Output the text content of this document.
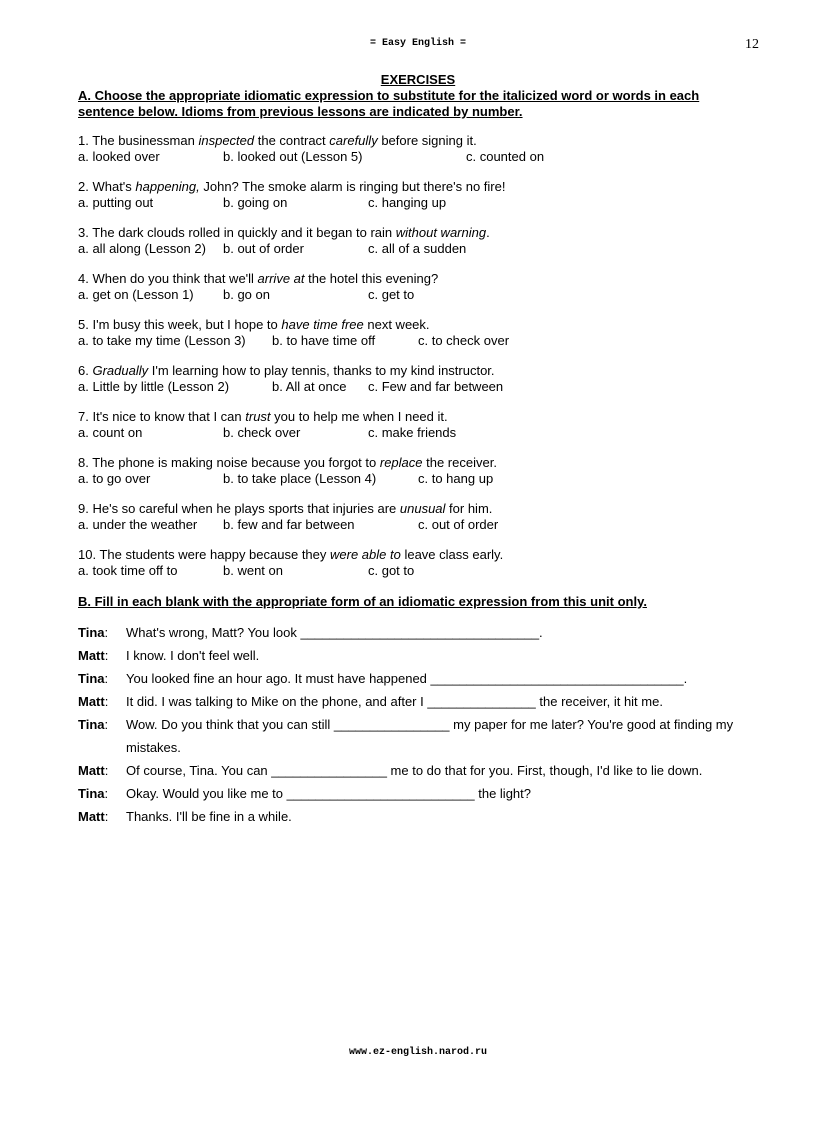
= Easy English =	12
EXERCISES
A. Choose the appropriate idiomatic expression to substitute for the italicized word or words in each sentence below. Idioms from previous lessons are indicated by number.
1. The businessman inspected the contract carefully before signing it.
a. looked over	b. looked out (Lesson 5)	c. counted on
2. What's happening, John? The smoke alarm is ringing but there's no fire!
a. putting out	b. going on	c. hanging up
3. The dark clouds rolled in quickly and it began to rain without warning.
a. all along (Lesson 2) b. out of order	c. all of a sudden
4. When do you think that we'll arrive at the hotel this evening?
a. get on (Lesson 1) b. go on	c. get to
5. I'm busy this week, but I hope to have time free next week.
a. to take my time (Lesson 3) b. to have time off	c. to check over
6. Gradually I'm learning how to play tennis, thanks to my kind instructor.
a. Little by little (Lesson 2)	b. All at once c. Few and far between
7. It's nice to know that I can trust you to help me when I need it.
a. count on	b. check over	c. make friends
8. The phone is making noise because you forgot to replace the receiver.
a. to go over	b. to take place (Lesson 4)	c. to hang up
9. He's so careful when he plays sports that injuries are unusual for him.
a. under the weather b. few and far between	c. out of order
10. The students were happy because they were able to leave class early.
a. took time off to	b. went on	c. got to
B. Fill in each blank with the appropriate form of an idiomatic expression from this unit only.
Tina: What's wrong, Matt? You look _________________________________.
Matt: I know. I don't feel well.
Tina: You looked fine an hour ago. It must have happened ___________________________________.
Matt: It did. I was talking to Mike on the phone, and after I _______________ the receiver, it hit me.
Tina: Wow. Do you think that you can still ________________ my paper for me later? You're good at finding my mistakes.
Matt: Of course, Tina. You can ________________ me to do that for you. First, though, I'd like to lie down.
Tina: Okay. Would you like me to __________________________ the light?
Matt: Thanks. I'll be fine in a while.
www.ez-english.narod.ru
